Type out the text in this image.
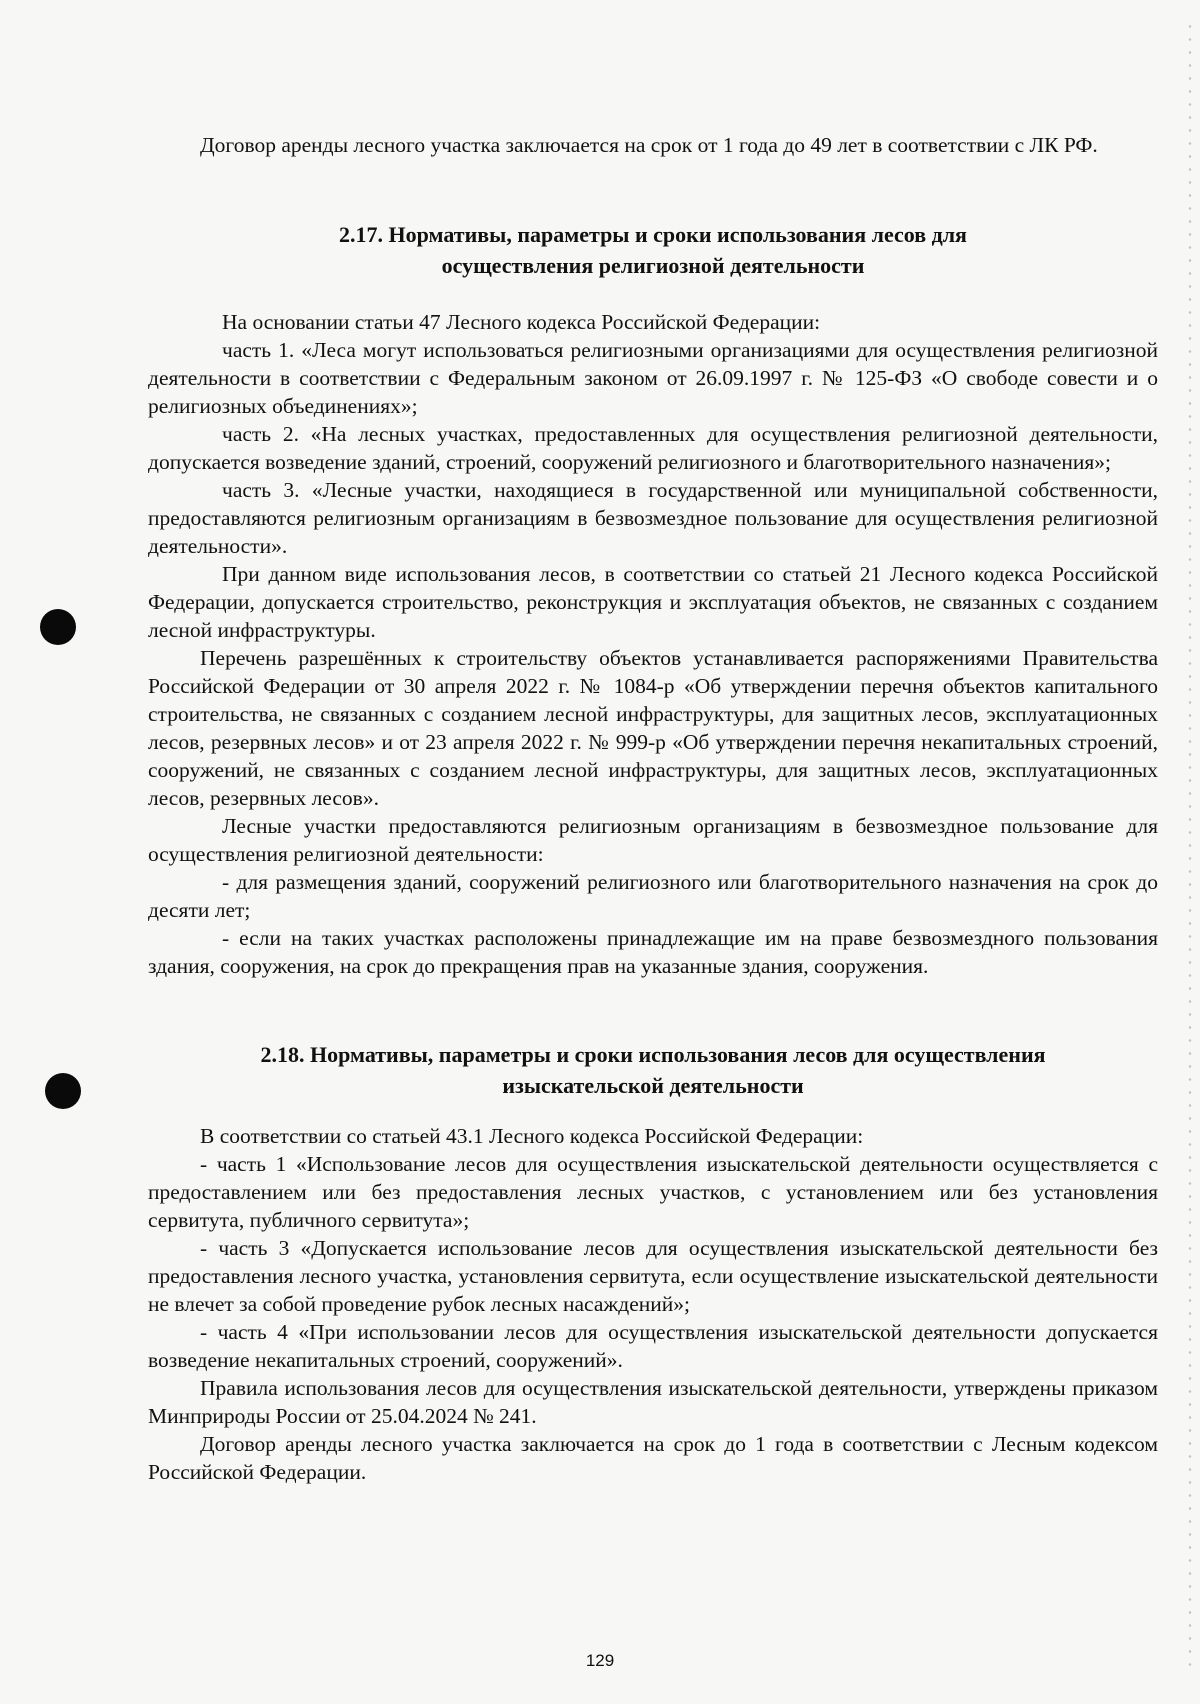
Договор аренды лесного участка заключается на срок от 1 года до 49 лет в соответствии с ЛК РФ.

2.17. Нормативы, параметры и сроки использования лесов для
осуществления религиозной деятельности

На основании статьи 47 Лесного кодекса Российской Федерации:

часть 1. «Леса могут использоваться религиозными организациями для осуществления религиозной деятельности в соответствии с Федеральным законом от 26.09.1997 г. № 125-ФЗ «О свободе совести и о религиозных объединениях»;

часть 2. «На лесных участках, предоставленных для осуществления религиозной деятельности, допускается возведение зданий, строений, сооружений религиозного и благотворительного назначения»;

часть 3. «Лесные участки, находящиеся в государственной или муниципальной собственности, предоставляются религиозным организациям в безвозмездное пользование для осуществления религиозной деятельности».

При данном виде использования лесов, в соответствии со статьей 21 Лесного кодекса Российской Федерации, допускается строительство, реконструкция и эксплуатация объектов, не связанных с созданием лесной инфраструктуры.

Перечень разрешённых к строительству объектов устанавливается распоряжениями Правительства Российской Федерации от 30 апреля 2022 г. № 1084-р «Об утверждении перечня объектов капитального строительства, не связанных с созданием лесной инфраструктуры, для защитных лесов, эксплуатационных лесов, резервных лесов» и от 23 апреля 2022 г. № 999-р «Об утверждении перечня некапитальных строений, сооружений, не связанных с созданием лесной инфраструктуры, для защитных лесов, эксплуатационных лесов, резервных лесов».

Лесные участки предоставляются религиозным организациям в безвозмездное пользование для осуществления религиозной деятельности:

- для размещения зданий, сооружений религиозного или благотворительного назначения на срок до десяти лет;

- если на таких участках расположены принадлежащие им на праве безвозмездного пользования здания, сооружения, на срок до прекращения прав на указанные здания, сооружения.

2.18. Нормативы, параметры и сроки использования лесов для осуществления
изыскательской деятельности

В соответствии со статьей 43.1 Лесного кодекса Российской Федерации:

- часть 1 «Использование лесов для осуществления изыскательской деятельности осуществляется с предоставлением или без предоставления лесных участков, с установлением или без установления сервитута, публичного сервитута»;

- часть 3 «Допускается использование лесов для осуществления изыскательской деятельности без предоставления лесного участка, установления сервитута, если осуществление изыскательской деятельности не влечет за собой проведение рубок лесных насаждений»;

- часть 4 «При использовании лесов для осуществления изыскательской деятельности допускается возведение некапитальных строений, сооружений».

Правила использования лесов для осуществления изыскательской деятельности, утверждены приказом Минприроды России от 25.04.2024 № 241.

Договор аренды лесного участка заключается на срок до 1 года в соответствии с Лесным кодексом Российской Федерации.

129
